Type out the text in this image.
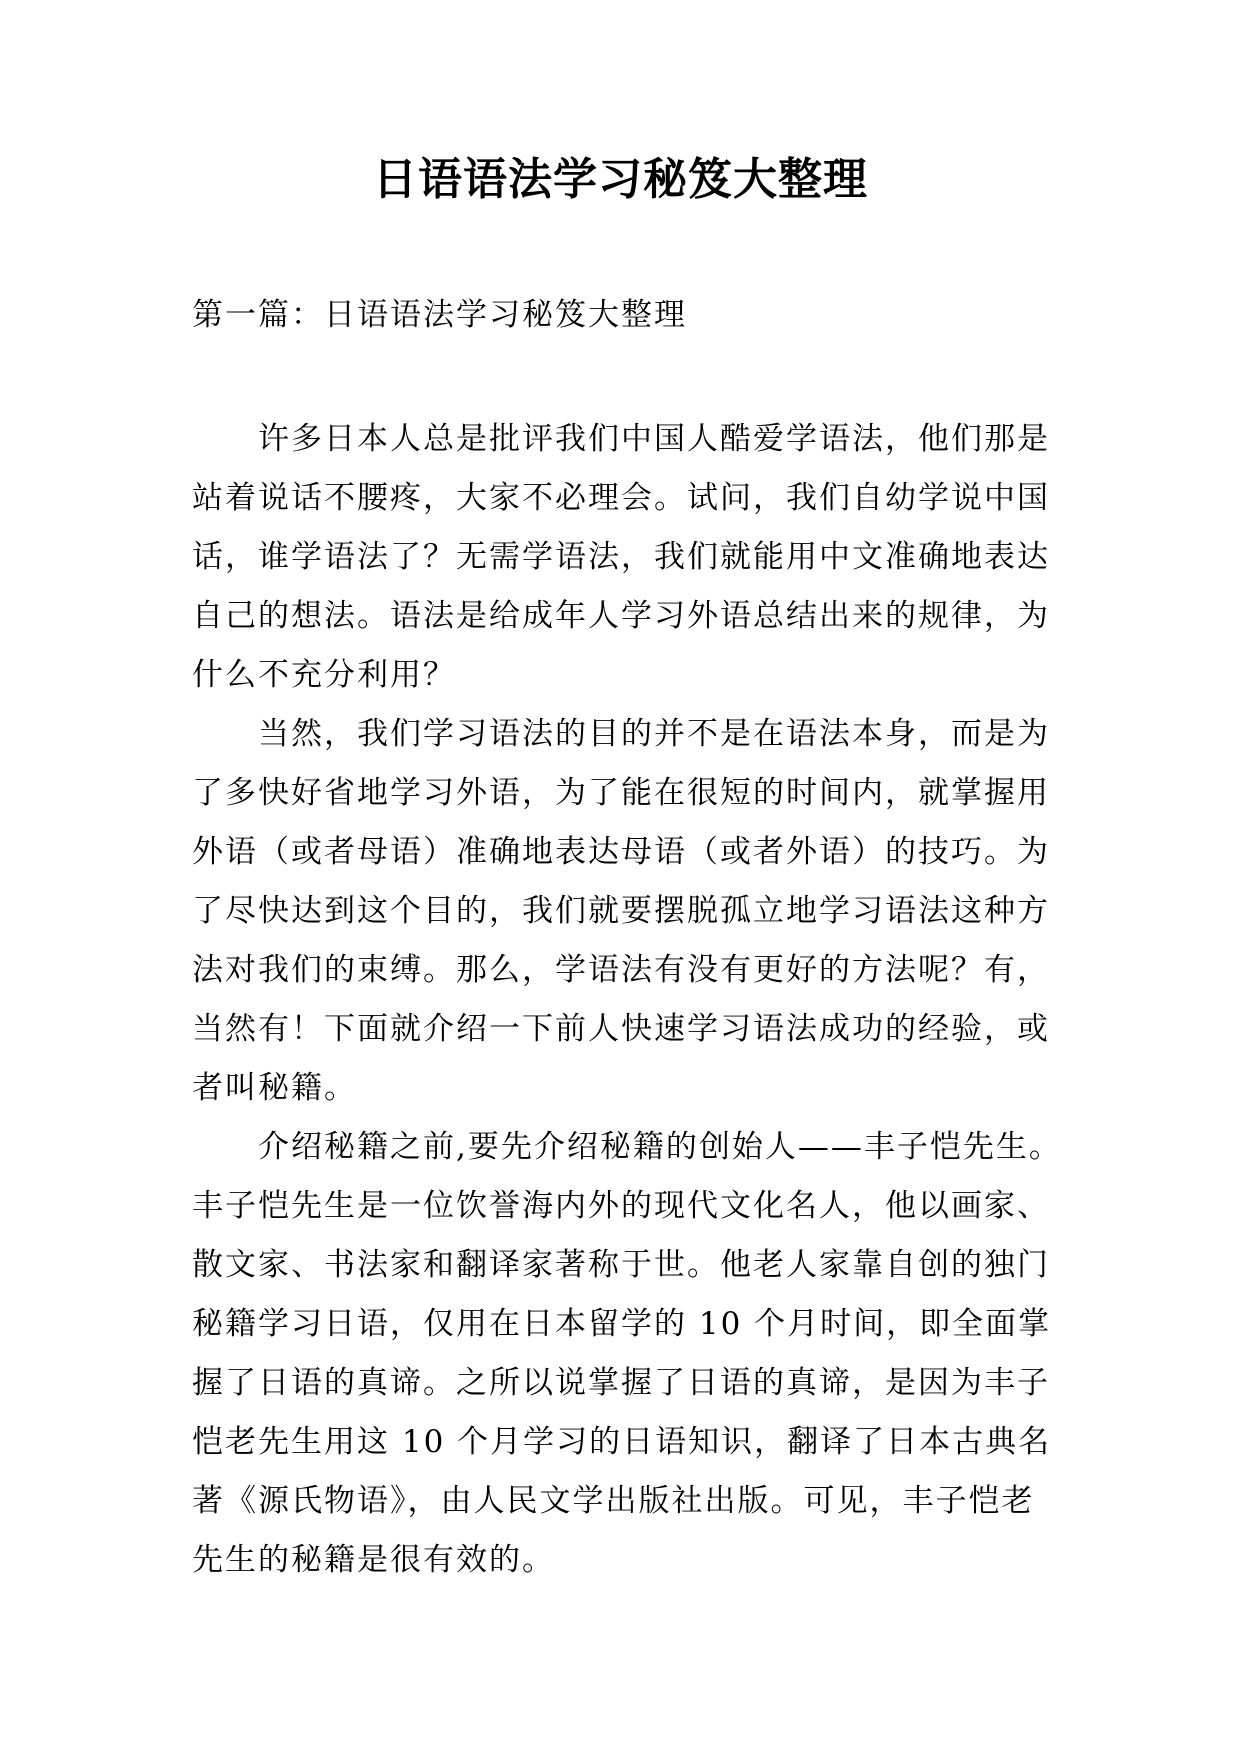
日语语法学习秘笈大整理
第一篇：日语语法学习秘笈大整理

　　许多日本人总是批评我们中国人酷爱学语法，他们那是
站着说话不腰疼，大家不必理会。试问，我们自幼学说中国
话，谁学语法了？无需学语法，我们就能用中文准确地表达
自己的想法。语法是给成年人学习外语总结出来的规律，为
什么不充分利用？

　　当然，我们学习语法的目的并不是在语法本身，而是为
了多快好省地学习外语，为了能在很短的时间内，就掌握用
外语（或者母语）准确地表达母语（或者外语）的技巧。为
了尽快达到这个目的，我们就要摆脱孤立地学习语法这种方
法对我们的束缚。那么，学语法有没有更好的方法呢？有，
当然有！下面就介绍一下前人快速学习语法成功的经验，或
者叫秘籍。

　　介绍秘籍之前,要先介绍秘籍的创始人——丰子恺先生。
丰子恺先生是一位饮誉海内外的现代文化名人，他以画家、
散文家、书法家和翻译家著称于世。他老人家靠自创的独门
秘籍学习日语，仅用在日本留学的 10 个月时间，即全面掌
握了日语的真谛。之所以说掌握了日语的真谛，是因为丰子
恺老先生用这 10 个月学习的日语知识，翻译了日本古典名
著《源氏物语》，由人民文学出版社出版。可见，丰子恺老
先生的秘籍是很有效的。
